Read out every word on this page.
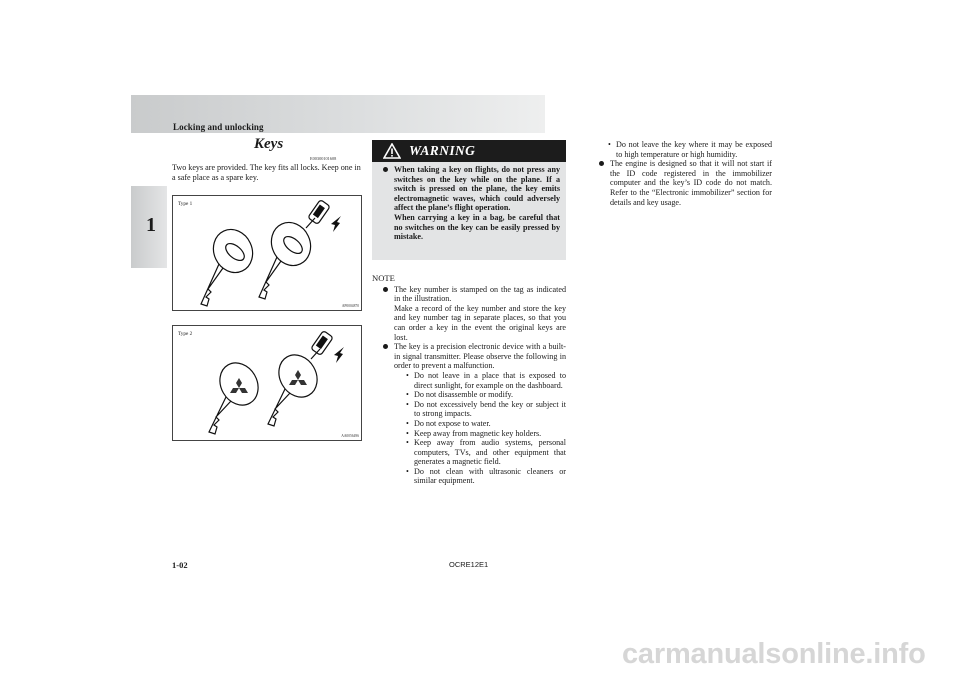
Locking and unlocking
1
Keys
E00300101608
Two keys are provided. The key fits all locks. Keep one in a safe place as a spare key.
Type 1
AP0004870
Type 2
AA0056496
WARNING
When taking a key on flights, do not press any switches on the key while on the plane. If a switch is pressed on the plane, the key emits electromagnetic waves, which could adversely affect the plane’s flight operation.
When carrying a key in a bag, be careful that no switches on the key can be easily pressed by mistake.
NOTE
The key number is stamped on the tag as indicated in the illustration.
Make a record of the key number and store the key and key number tag in separate places, so that you can order a key in the event the original keys are lost.
The key is a precision electronic device with a built-in signal transmitter. Please observe the following in order to prevent a malfunction.
• Do not leave in a place that is exposed to direct sunlight, for example on the dashboard.
• Do not disassemble or modify.
• Do not excessively bend the key or subject it to strong impacts.
• Do not expose to water.
• Keep away from magnetic key holders.
• Keep away from audio systems, personal computers, TVs, and other equipment that generates a magnetic field.
• Do not clean with ultrasonic cleaners or similar equipment.
• Do not leave the key where it may be exposed to high temperature or high humidity.
The engine is designed so that it will not start if the ID code registered in the immobilizer computer and the key’s ID code do not match. Refer to the “Electronic immobilizer” section for details and key usage.
1-02	OCRE12E1
carmanualsonline.info
